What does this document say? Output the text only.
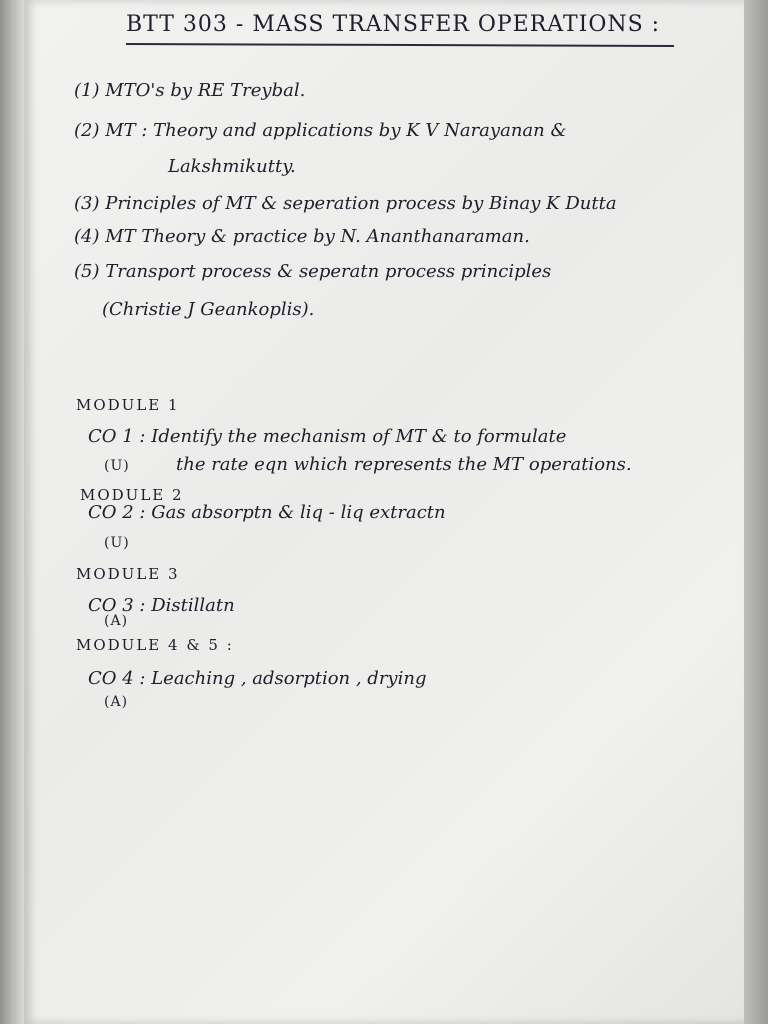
BTT 303 - MASS TRANSFER OPERATIONS :
(1) MTO's by RE Treybal.
(2) MT : Theory and applications by K V Narayanan &
Lakshmikutty.
(3) Principles of MT & seperation process by Binay K Dutta
(4) MT Theory & practice by N. Ananthanaraman.
(5) Transport process & seperatn process principles
(Christie J Geankoplis).
MODULE 1
CO 1 : Identify the mechanism of MT & to formulate
(U)	the rate eqn which represents the MT operations.
MODULE 2
CO 2 : Gas absorptn & liq - liq extractn
(U)
MODULE 3
CO 3 : Distillatn
(A)
MODULE 4 & 5 :
CO 4 : Leaching , adsorption , drying
(A)
